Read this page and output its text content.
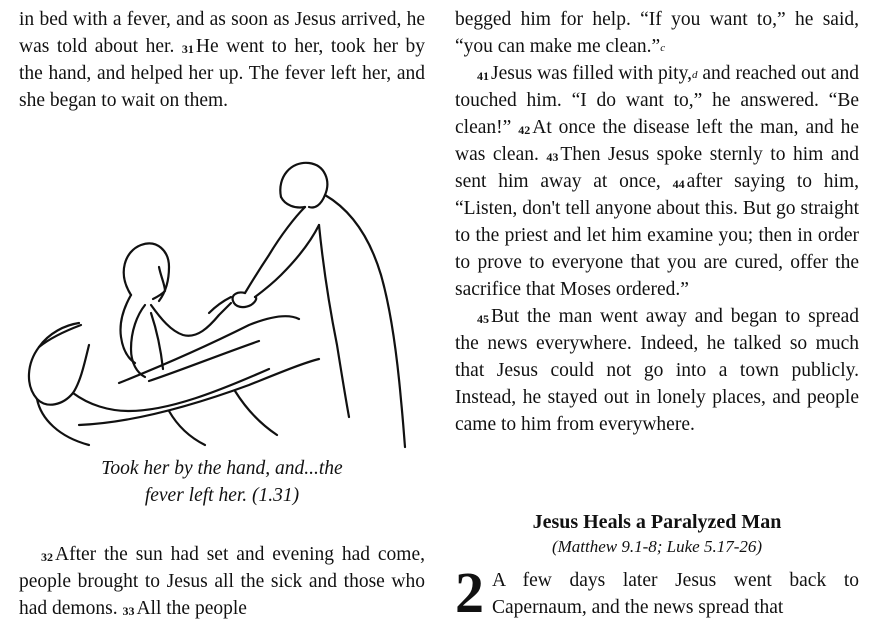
in bed with a fever, and as soon as Jesus arrived, he was told about her. $^{31}$ He went to her, took her by the hand, and helped her up. The fever left her, and she began to wait on them.

Took her by the hand, and...the
fever left her. (1.31)

$^{32}$ After the sun had set and evening had come, people brought to Jesus all the sick and those who had demons. $^{33}$ All the people

begged him for help. “If you want to,” he said, “you can make me clean.”$^c$

$^{41}$ Jesus was filled with pity,$^d$ and reached out and touched him. “I do want to,” he answered. “Be clean!” $^{42}$ At once the disease left the man, and he was clean. $^{43}$ Then Jesus spoke sternly to him and sent him away at once, $^{44}$ after saying to him, “Listen, don't tell anyone about this. But go straight to the priest and let him examine you; then in order to prove to everyone that you are cured, offer the sacrifice that Moses ordered.”

$^{45}$ But the man went away and began to spread the news everywhere. Indeed, he talked so much that Jesus could not go into a town publicly. Instead, he stayed out in lonely places, and people came to him from everywhere.

Jesus Heals a Paralyzed Man
(Matthew 9.1-8; Luke 5.17-26)
2 A few days later Jesus went back to Capernaum, and the news spread that
